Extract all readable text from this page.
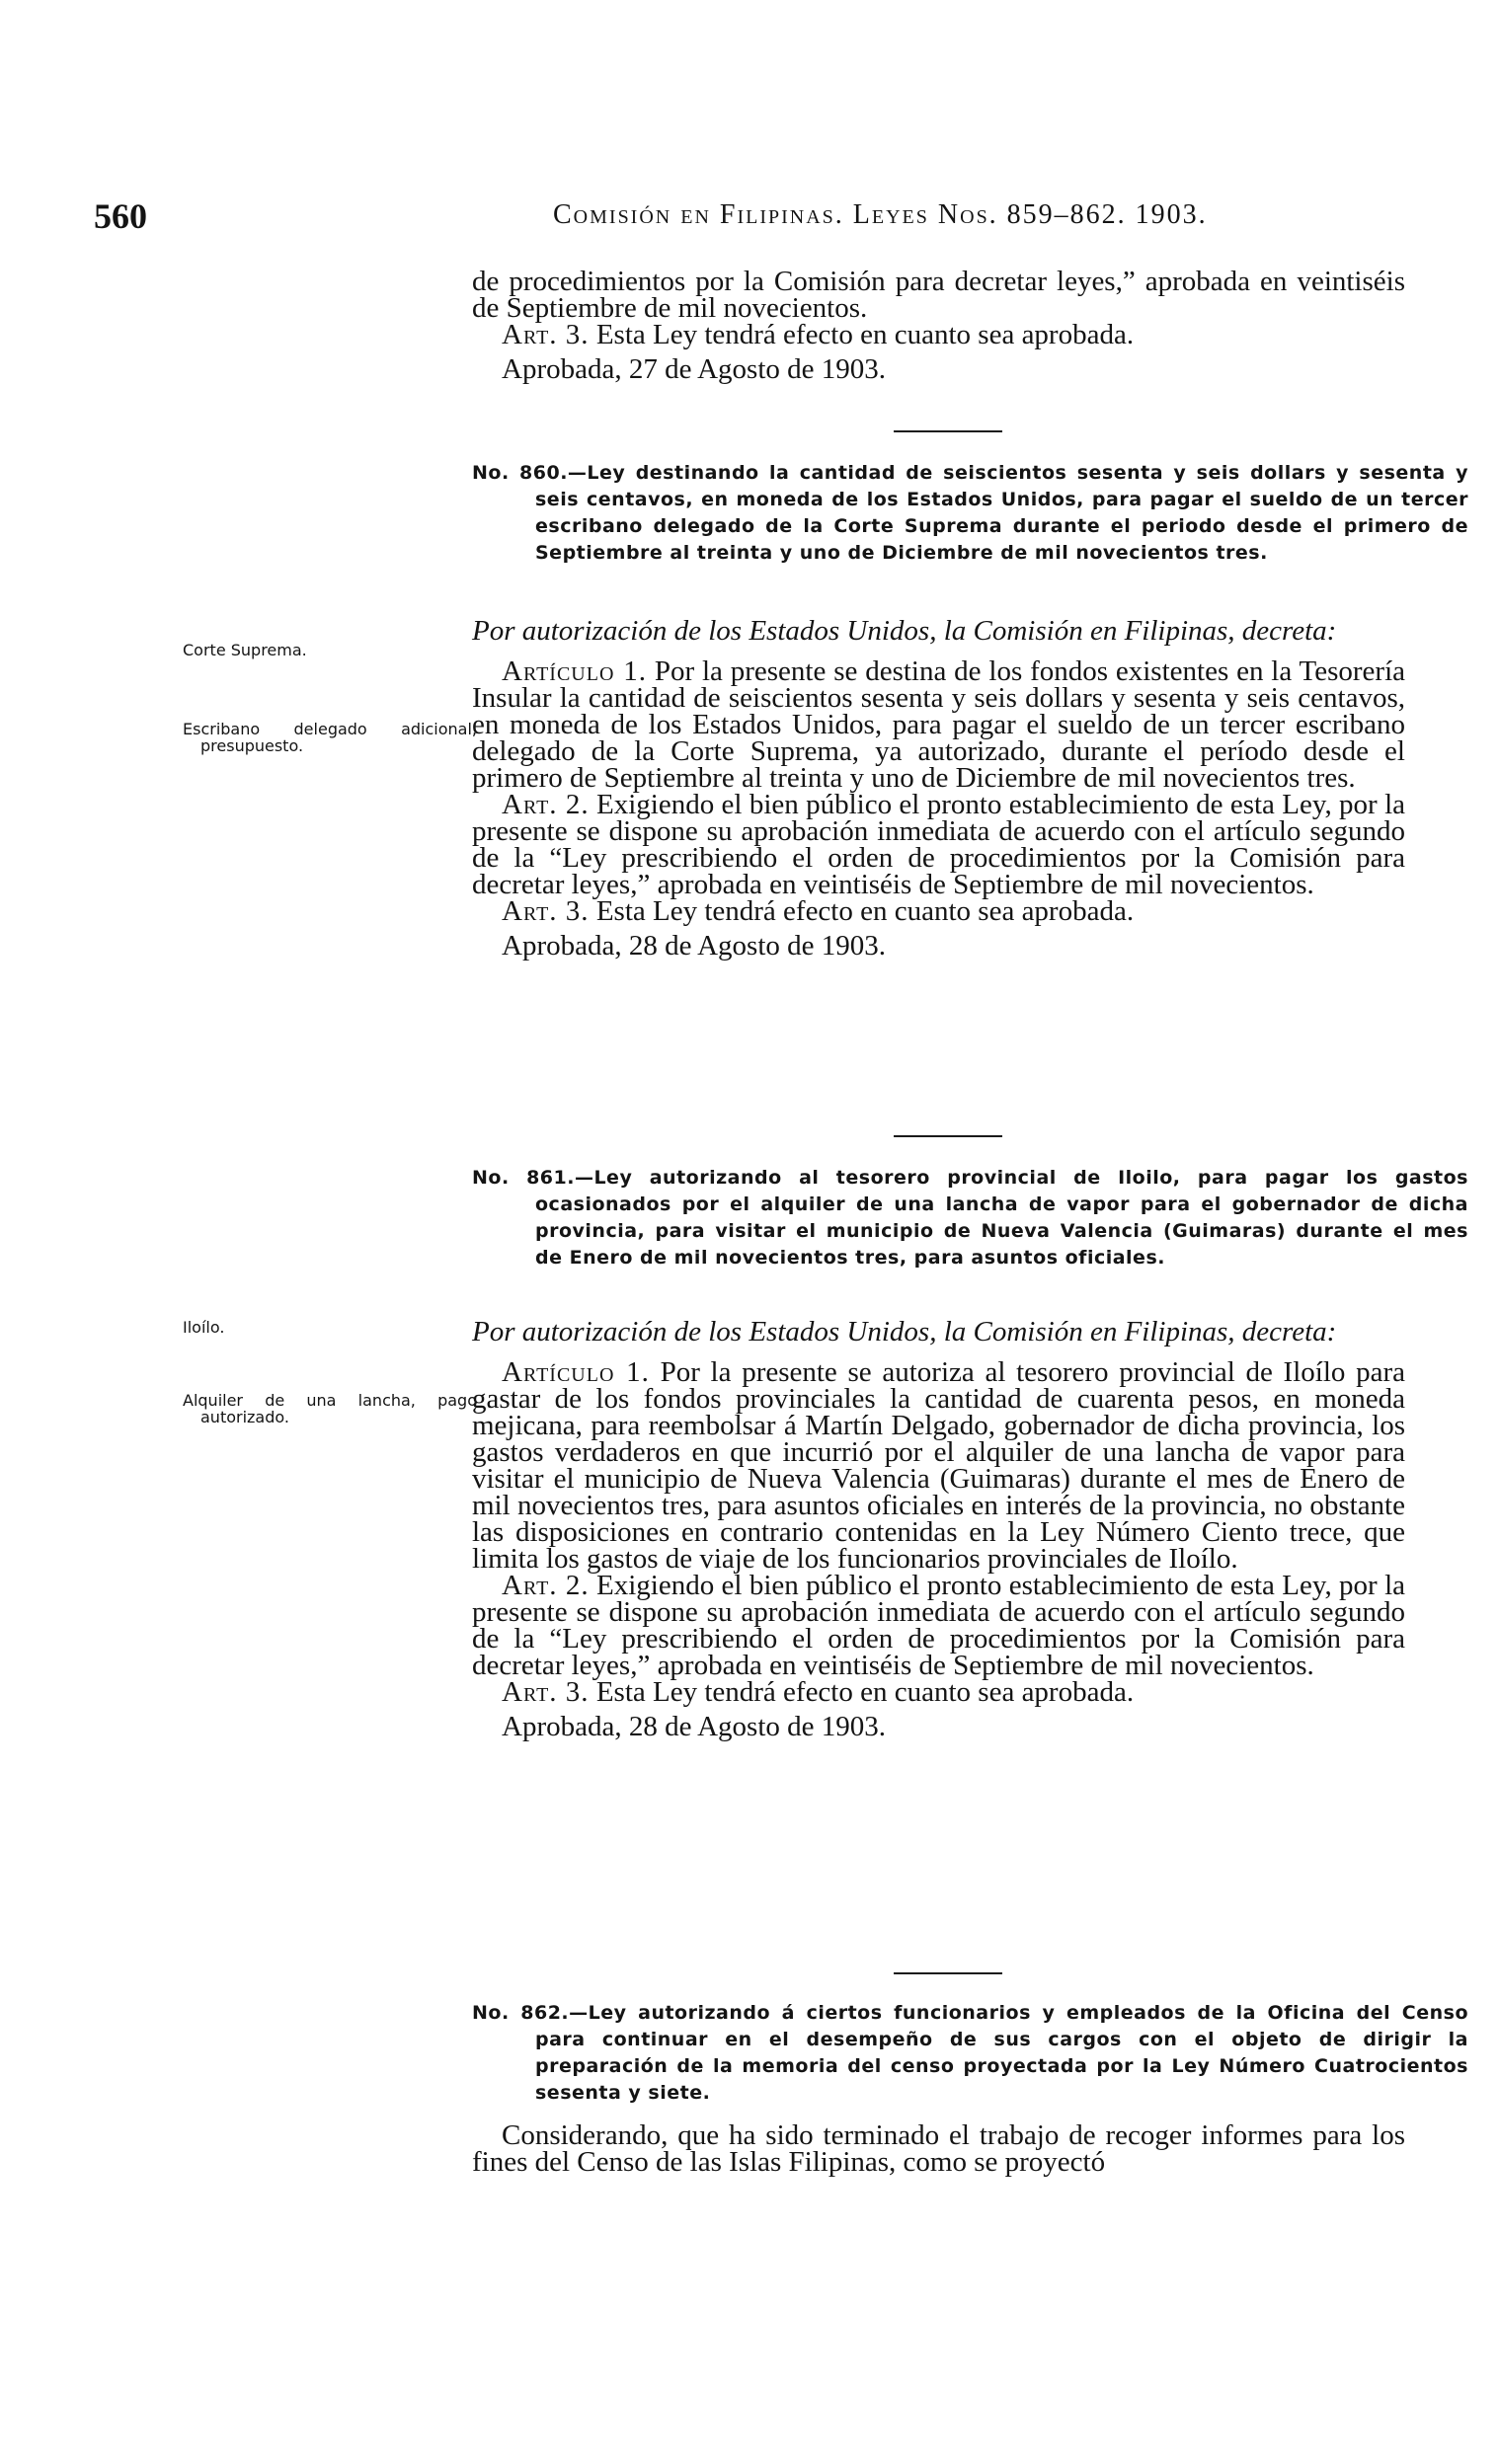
560	Comisión en Filipinas. Leyes Nos. 859–862. 1903.

de procedimientos por la Comisión para decretar leyes,” aprobada en veintiséis de Septiembre de mil novecientos.

Art. 3. Esta Ley tendrá efecto en cuanto sea aprobada.

Aprobada, 27 de Agosto de 1903.

No. 860.—Ley destinando la cantidad de seiscientos sesenta y seis dollars y sesenta y seis centavos, en moneda de los Estados Unidos, para pagar el sueldo de un tercer escribano delegado de la Corte Suprema durante el periodo desde el primero de Septiembre al treinta y uno de Diciembre de mil novecientos tres.

Corte Suprema.
Escribano delegado adicional, presupuesto.

Por autorización de los Estados Unidos, la Comisión en Filipinas, decreta:

Artículo 1. Por la presente se destina de los fondos existentes en la Tesorería Insular la cantidad de seiscientos sesenta y seis dollars y sesenta y seis centavos, en moneda de los Estados Unidos, para pagar el sueldo de un tercer escribano delegado de la Corte Suprema, ya autorizado, durante el período desde el primero de Septiembre al treinta y uno de Diciembre de mil novecientos tres.

Art. 2. Exigiendo el bien público el pronto establecimiento de esta Ley, por la presente se dispone su aprobación inmediata de acuerdo con el artículo segundo de la “Ley prescribiendo el orden de procedimientos por la Comisión para decretar leyes,” aprobada en veintiséis de Septiembre de mil novecientos.

Art. 3. Esta Ley tendrá efecto en cuanto sea aprobada.

Aprobada, 28 de Agosto de 1903.

No. 861.—Ley autorizando al tesorero provincial de Iloilo, para pagar los gastos ocasionados por el alquiler de una lancha de vapor para el gobernador de dicha provincia, para visitar el municipio de Nueva Valencia (Guimaras) durante el mes de Enero de mil novecientos tres, para asuntos oficiales.

Iloílo.
Alquiler de una lancha, pago autorizado.

Por autorización de los Estados Unidos, la Comisión en Filipinas, decreta:

Artículo 1. Por la presente se autoriza al tesorero provincial de Iloílo para gastar de los fondos provinciales la cantidad de cuarenta pesos, en moneda mejicana, para reembolsar á Martín Delgado, gobernador de dicha provincia, los gastos verdaderos en que incurrió por el alquiler de una lancha de vapor para visitar el municipio de Nueva Valencia (Guimaras) durante el mes de Enero de mil novecientos tres, para asuntos oficiales en interés de la provincia, no obstante las disposiciones en contrario contenidas en la Ley Número Ciento trece, que limita los gastos de viaje de los funcionarios provinciales de Iloílo.

Art. 2. Exigiendo el bien público el pronto establecimiento de esta Ley, por la presente se dispone su aprobación inmediata de acuerdo con el artículo segundo de la “Ley prescribiendo el orden de procedimientos por la Comisión para decretar leyes,” aprobada en veintiséis de Septiembre de mil novecientos.

Art. 3. Esta Ley tendrá efecto en cuanto sea aprobada.

Aprobada, 28 de Agosto de 1903.

No. 862.—Ley autorizando á ciertos funcionarios y empleados de la Oficina del Censo para continuar en el desempeño de sus cargos con el objeto de dirigir la preparación de la memoria del censo proyectada por la Ley Número Cuatrocientos sesenta y siete.

Considerando, que ha sido terminado el trabajo de recoger informes para los fines del Censo de las Islas Filipinas, como se proyectó
